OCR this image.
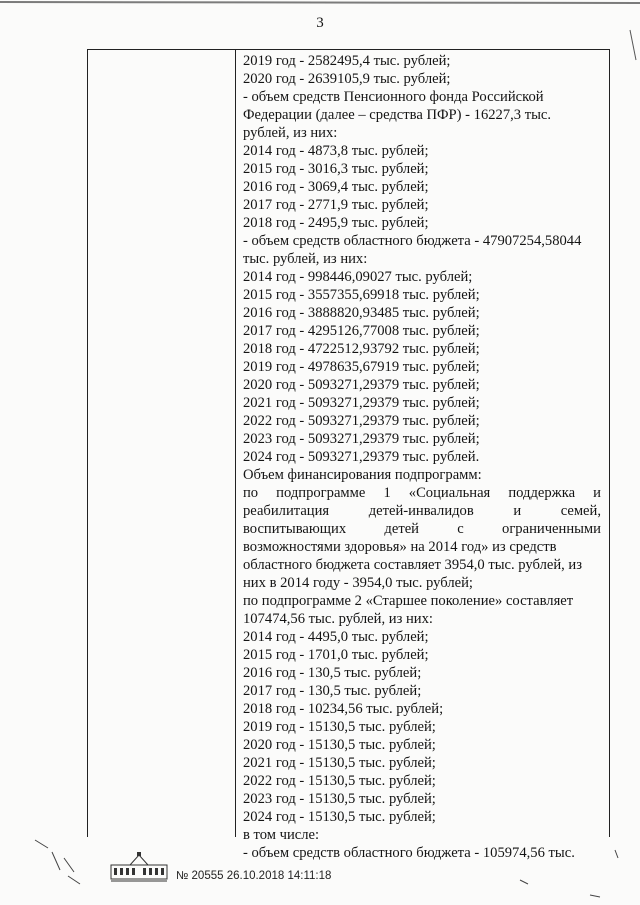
3
2019 год - 2582495,4 тыс. рублей;
2020 год - 2639105,9 тыс. рублей;
- объем средств Пенсионного фонда Российской
Федерации (далее – средства ПФР) - 16227,3 тыс.
рублей, из них:
2014 год - 4873,8 тыс. рублей;
2015 год - 3016,3 тыс. рублей;
2016 год - 3069,4 тыс. рублей;
2017 год - 2771,9 тыс. рублей;
2018 год - 2495,9 тыс. рублей;
- объем средств областного бюджета - 47907254,58044
тыс. рублей, из них:
2014 год - 998446,09027 тыс. рублей;
2015 год - 3557355,69918 тыс. рублей;
2016 год - 3888820,93485 тыс. рублей;
2017 год - 4295126,77008 тыс. рублей;
2018 год - 4722512,93792 тыс. рублей;
2019 год - 4978635,67919 тыс. рублей;
2020 год - 5093271,29379 тыс. рублей;
2021 год - 5093271,29379 тыс. рублей;
2022 год - 5093271,29379 тыс. рублей;
2023 год - 5093271,29379 тыс. рублей;
2024 год - 5093271,29379 тыс. рублей.
Объем финансирования подпрограмм:
по подпрограмме 1 «Социальная поддержка и
реабилитация	детей-инвалидов	и	семей,
воспитывающих	детей	с	ограниченными
возможностями здоровья» на 2014 год» из средств
областного бюджета составляет 3954,0 тыс. рублей, из
них в 2014 году - 3954,0 тыс. рублей;
по подпрограмме 2 «Старшее поколение» составляет
107474,56 тыс. рублей, из них:
2014 год - 4495,0 тыс. рублей;
2015 год - 1701,0 тыс. рублей;
2016 год - 130,5 тыс. рублей;
2017 год - 130,5 тыс. рублей;
2018 год - 10234,56 тыс. рублей;
2019 год - 15130,5 тыс. рублей;
2020 год - 15130,5 тыс. рублей;
2021 год - 15130,5 тыс. рублей;
2022 год - 15130,5 тыс. рублей;
2023 год - 15130,5 тыс. рублей;
2024 год - 15130,5 тыс. рублей;
в том числе:
- объем средств областного бюджета - 105974,56 тыс.
№ 20555 26.10.2018 14:11:18
